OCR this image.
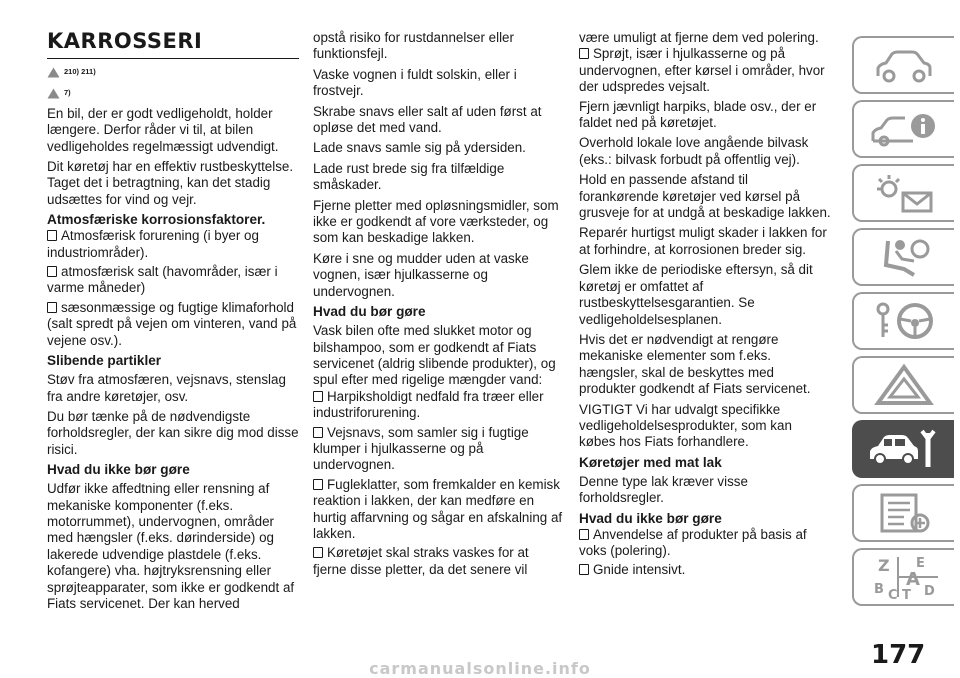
KARROSSERI
210) 211)
7)

En bil, der er godt vedligeholdt, holder længere. Derfor råder vi til, at bilen vedligeholdes regelmæssigt udvendigt.

Dit køretøj har en effektiv rustbeskyttelse. Taget det i betragtning, kan det stadig udsættes for vind og vejr.

Atmosfæriske korrosionsfaktorer.
Atmosfærisk forurening (i byer og industriområder).
atmosfærisk salt (havområder, især i varme måneder)
sæsonmæssige og fugtige klimaforhold (salt spredt på vejen om vinteren, vand på vejene osv.).
Slibende partikler

Støv fra atmosfæren, vejsnavs, stenslag fra andre køretøjer, osv.

Du bør tænke på de nødvendigste forholdsregler, der kan sikre dig mod disse risici.

Hvad du ikke bør gøre

Udfør ikke affedtning eller rensning af mekaniske komponenter (f.eks. motorrummet), undervognen, områder med hængsler (f.eks. dørinderside) og lakerede udvendige plastdele (f.eks. kofangere) vha. højtryksrensning eller sprøjteapparater, som ikke er godkendt af Fiats servicenet. Der kan herved

opstå risiko for rustdannelser eller funktionsfejl.

Vaske vognen i fuldt solskin, eller i frostvejr.

Skrabe snavs eller salt af uden først at opløse det med vand.

Lade snavs samle sig på ydersiden.

Lade rust brede sig fra tilfældige småskader.

Fjerne pletter med opløsningsmidler, som ikke er godkendt af vore værksteder, og som kan beskadige lakken.

Køre i sne og mudder uden at vaske vognen, især hjulkasserne og undervognen.

Hvad du bør gøre

Vask bilen ofte med slukket motor og bilshampoo, som er godkendt af Fiats servicenet (aldrig slibende produkter), og spul efter med rigelige mængder vand:

Harpiksholdigt nedfald fra træer eller industriforurening.
Vejsnavs, som samler sig i fugtige klumper i hjulkasserne og på undervognen.
Fugleklatter, som fremkalder en kemisk reaktion i lakken, der kan medføre en hurtig affarvning og sågar en afskalning af lakken.
Køretøjet skal straks vaskes for at fjerne disse pletter, da det senere vil

være umuligt at fjerne dem ved polering.

Sprøjt, især i hjulkasserne og på undervognen, efter kørsel i områder, hvor der udspredes vejsalt.

Fjern jævnligt harpiks, blade osv., der er faldet ned på køretøjet.

Overhold lokale love angående bilvask (eks.: bilvask forbudt på offentlig vej).

Hold en passende afstand til forankørende køretøjer ved kørsel på grusveje for at undgå at beskadige lakken.

Reparér hurtigst muligt skader i lakken for at forhindre, at korrosionen breder sig.

Glem ikke de periodiske eftersyn, så dit køretøj er omfattet af rustbeskyttelsesgarantien. Se vedligeholdelsesplanen.

Hvis det er nødvendigt at rengøre mekaniske elementer som f.eks. hængsler, skal de beskyttes med produkter godkendt af Fiats servicenet.

VIGTIGT Vi har udvalgt specifikke vedligeholdelsesprodukter, som kan købes hos Fiats forhandlere.

Køretøjer med mat lak

Denne type lak kræver visse forholdsregler.

Hvad du ikke bør gøre
Anvendelse af produkter på basis af voks (polering).
Gnide intensivt.	Z E
A
B C T D
177
carmanualsonline.info
